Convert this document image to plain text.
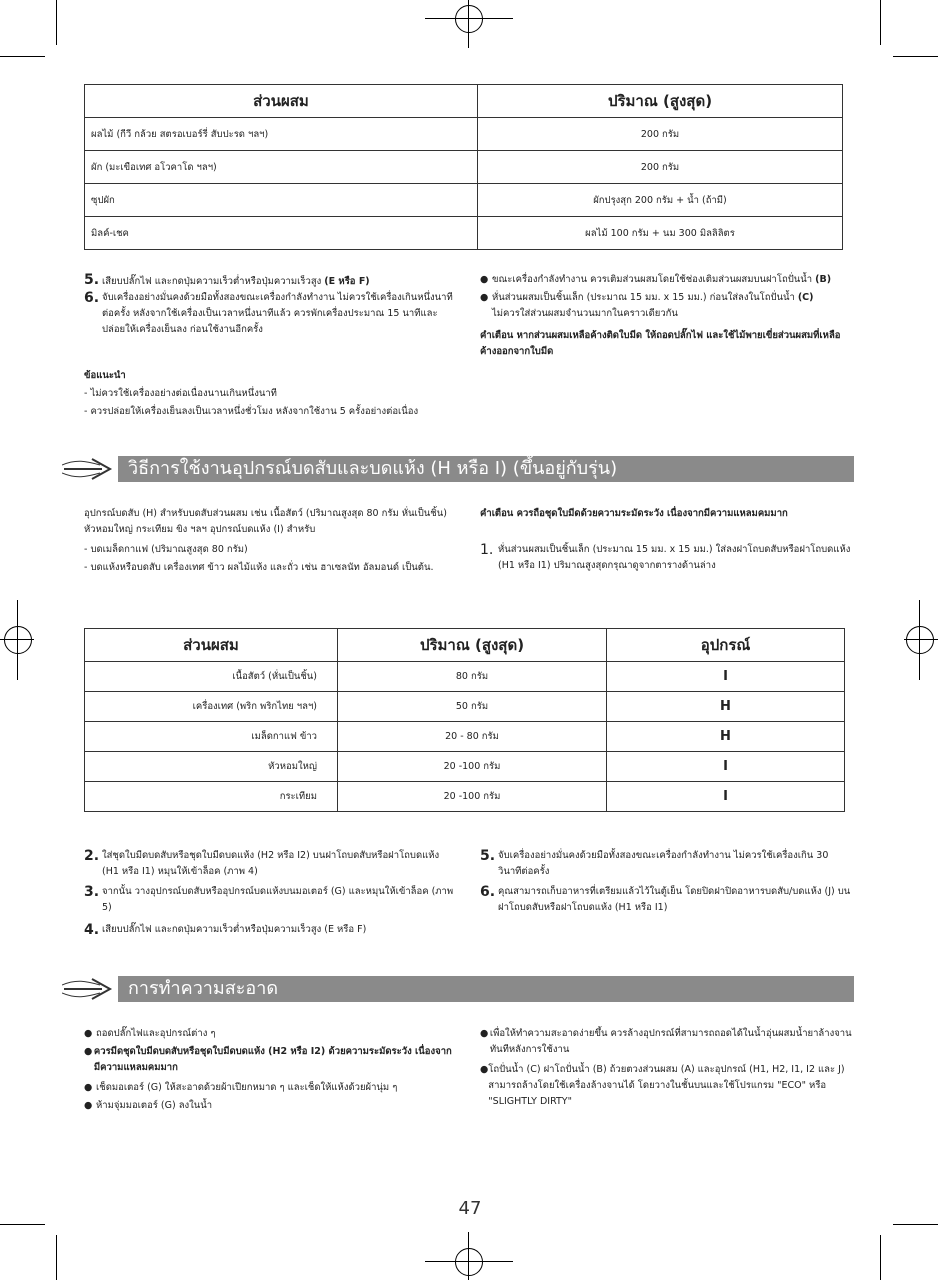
ส่วนผสม	ปริมาณ (สูงสุด)
ผลไม้ (กีวี กล้วย สตรอเบอร์รี่ สับปะรด ฯลฯ)	200 กรัม
ผัก (มะเขือเทศ อโวคาโด ฯลฯ)	200 กรัม
ซุปผัก	ผักปรุงสุก 200 กรัม + น้ำ (ถ้ามี)
มิลค์-เชค	ผลไม้ 100 กรัม + นม 300 มิลลิลิตร
5. เสียบปลั๊กไฟ และกดปุ่มความเร็วต่ำหรือปุ่มความเร็วสูง (E หรือ F)
6. จับเครื่องอย่างมั่นคงด้วยมือทั้งสองขณะเครื่องกำลังทำงาน ไม่ควรใช้เครื่องเกินหนึ่งนาทีต่อครั้ง หลังจากใช้เครื่องเป็นเวลาหนึ่งนาทีแล้ว ควรพักเครื่องประมาณ 15 นาทีและปล่อยให้เครื่องเย็นลง ก่อนใช้งานอีกครั้ง
ข้อแนะนำ
- ไม่ควรใช้เครื่องอย่างต่อเนื่องนานเกินหนึ่งนาที
- ควรปล่อยให้เครื่องเย็นลงเป็นเวลาหนึ่งชั่วโมง หลังจากใช้งาน 5 ครั้งอย่างต่อเนื่อง
● ขณะเครื่องกำลังทำงาน ควรเติมส่วนผสมโดยใช้ช่องเติมส่วนผสมบนฝาโถปั่นน้ำ (B)
● หั่นส่วนผสมเป็นชิ้นเล็ก (ประมาณ 15 มม. x 15 มม.) ก่อนใส่ลงในโถปั่นน้ำ (C)
ไม่ควรใส่ส่วนผสมจำนวนมากในคราวเดียวกัน
คำเตือน หากส่วนผสมเหลือค้างติดใบมีด ให้ถอดปลั๊กไฟ และใช้ไม้พายเขี่ยส่วนผสมที่เหลือค้างออกจากใบมีด
วิธีการใช้งานอุปกรณ์บดสับและบดแห้ง (H หรือ I) (ขึ้นอยู่กับรุ่น)
อุปกรณ์บดสับ (H) สำหรับบดสับส่วนผสม เช่น เนื้อสัตว์ (ปริมาณสูงสุด 80 กรัม หั่นเป็นชิ้น) หัวหอมใหญ่ กระเทียม ขิง ฯลฯ อุปกรณ์บดแห้ง (I) สำหรับ
- บดเมล็ดกาแฟ (ปริมาณสูงสุด 80 กรัม)
- บดแห้งหรือบดสับ เครื่องเทศ ข้าว ผลไม้แห้ง และถั่ว เช่น ฮาเซลนัท อัลมอนด์ เป็นต้น.
คำเตือน ควรถือชุดใบมีดด้วยความระมัดระวัง เนื่องจากมีความแหลมคมมาก
1. หั่นส่วนผสมเป็นชิ้นเล็ก (ประมาณ 15 มม. x 15 มม.) ใส่ลงฝาโถบดสับหรือฝาโถบดแห้ง (H1 หรือ I1) ปริมาณสูงสุดกรุณาดูจากตารางด้านล่าง
ส่วนผสม	ปริมาณ (สูงสุด)	อุปกรณ์
เนื้อสัตว์ (หั่นเป็นชิ้น)	80 กรัม	I
เครื่องเทศ (พริก พริกไทย ฯลฯ)	50 กรัม	H
เมล็ดกาแฟ ข้าว	20 - 80 กรัม	H
หัวหอมใหญ่	20 -100 กรัม	I
กระเทียม	20 -100 กรัม	I
2. ใส่ชุดใบมีดบดสับหรือชุดใบมีดบดแห้ง (H2 หรือ I2) บนฝาโถบดสับหรือฝาโถบดแห้ง (H1 หรือ I1) หมุนให้เข้าล็อค (ภาพ 4)
3. จากนั้น วางอุปกรณ์บดสับหรืออุปกรณ์บดแห้งบนมอเตอร์ (G) และหมุนให้เข้าล็อค (ภาพ 5)
4. เสียบปลั๊กไฟ และกดปุ่มความเร็วต่ำหรือปุ่มความเร็วสูง (E หรือ F)
5. จับเครื่องอย่างมั่นคงด้วยมือทั้งสองขณะเครื่องกำลังทำงาน ไม่ควรใช้เครื่องเกิน 30 วินาทีต่อครั้ง
6. คุณสามารถเก็บอาหารที่เตรียมแล้วไว้ในตู้เย็น โดยปิดฝาปิดอาหารบดสับ/บดแห้ง (J) บนฝาโถบดสับหรือฝาโถบดแห้ง (H1 หรือ I1)
การทำความสะอาด
● ถอดปลั๊กไฟและอุปกรณ์ต่าง ๆ
● ควรมีดชุดใบมีดบดสับหรือชุดใบมีดบดแห้ง (H2 หรือ I2) ด้วยความระมัดระวัง เนื่องจากมีความแหลมคมมาก
● เช็ดมอเตอร์ (G) ให้สะอาดด้วยผ้าเปียกหมาด ๆ และเช็ดให้แห้งด้วยผ้านุ่ม ๆ
● ห้ามจุ่มมอเตอร์ (G) ลงในน้ำ
● เพื่อให้ทำความสะอาดง่ายขึ้น ควรล้างอุปกรณ์ที่สามารถถอดได้ในน้ำอุ่นผสมน้ำยาล้างจานทันทีหลังการใช้งาน
● โถปั่นน้ำ (C) ฝาโถปั่นน้ำ (B) ถ้วยตวงส่วนผสม (A) และอุปกรณ์ (H1, H2, I1, I2 และ J) สามารถล้างโดยใช้เครื่องล้างจานได้ โดยวางในชั้นบนและใช้โปรแกรม "ECO" หรือ "SLIGHTLY DIRTY"
47
